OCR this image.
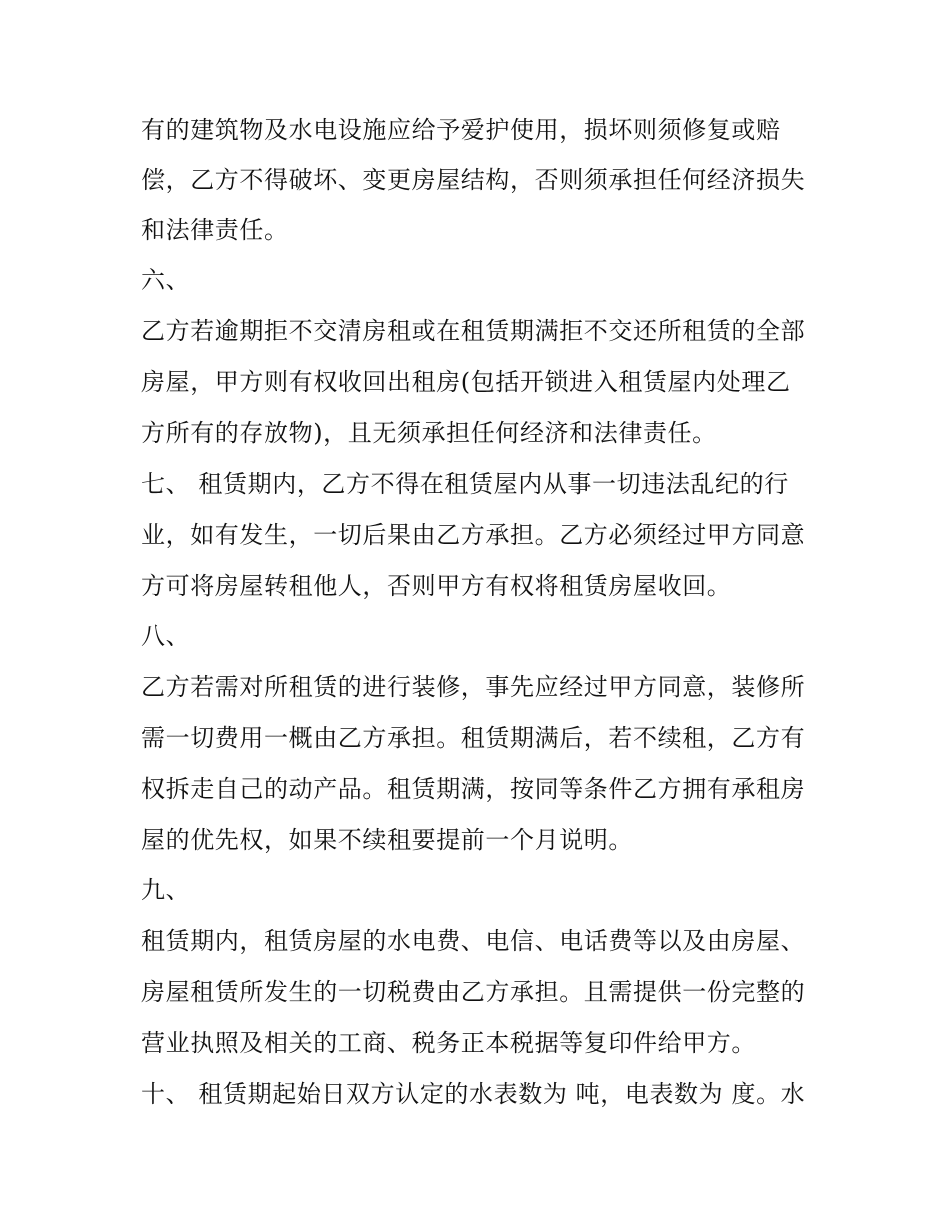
有的建筑物及水电设施应给予爱护使用，损坏则须修复或赔
偿，乙方不得破坏、变更房屋结构，否则须承担任何经济损失
和法律责任。
六、
乙方若逾期拒不交清房租或在租赁期满拒不交还所租赁的全部
房屋，甲方则有权收回出租房(包括开锁进入租赁屋内处理乙
方所有的存放物)，且无须承担任何经济和法律责任。
七、 租赁期内，乙方不得在租赁屋内从事一切违法乱纪的行
业，如有发生，一切后果由乙方承担。乙方必须经过甲方同意
方可将房屋转租他人，否则甲方有权将租赁房屋收回。
八、
乙方若需对所租赁的进行装修，事先应经过甲方同意，装修所
需一切费用一概由乙方承担。租赁期满后，若不续租，乙方有
权拆走自己的动产品。租赁期满，按同等条件乙方拥有承租房
屋的优先权，如果不续租要提前一个月说明。
九、
租赁期内，租赁房屋的水电费、电信、电话费等以及由房屋、
房屋租赁所发生的一切税费由乙方承担。且需提供一份完整的
营业执照及相关的工商、税务正本税据等复印件给甲方。
十、 租赁期起始日双方认定的水表数为 吨，电表数为 度。水
